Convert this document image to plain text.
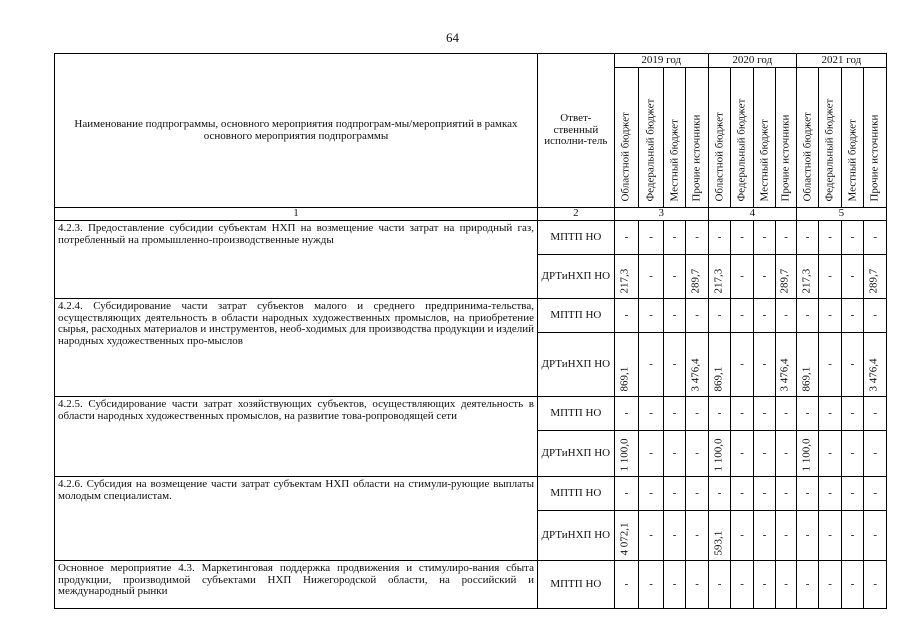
64
Наименование подпрограммы, основного мероприятия подпрограм-мы/мероприятий в рамках основного мероприятия подпрограммы	Ответ-ственный исполни-тель	2019 год				2020 год				2021 год			

		Областной бюджет	Федеральный бюджет	Местный бюджет	Прочие источники	Областной бюджет	Федеральный бюджет	Местный бюджет	Прочие источники	Областной бюджет	Федеральный бюджет	Местный бюджет	Прочие источники

1	2	3				4				5			
4.2.3. Предоставление субсидии субъектам НХП на возмещение части затрат на природный газ, потребленный на промышленно-производственные нужды	МПТП НО	-	-	-	-	-	-	-	-	-	-	-	-
	ДРТиНХП НО	217,3	-	-	289,7	217,3	-	-	289,7	217,3	-	-	289,7

4.2.4. Субсидирование части затрат субъектов малого и среднего предпринима-тельства, осуществляющих деятельность в области народных художественных промыслов, на приобретение сырья, расходных материалов и инструментов, необ-ходимых для производства продукции и изделий народных художественных про-мыслов	МПТП НО	-	-	-	-	-	-	-	-	-	-	-	-
	ДРТиНХП НО	869,1	-	-	3 476,4	869,1	-	-	3 476,4	869,1	-	-	3 476,4

4.2.5. Субсидирование части затрат хозяйствующих субъектов, осуществляющих деятельность в области народных художественных промыслов, на развитие това-ропроводящей сети	МПТП НО	-	-	-	-	-	-	-	-	-	-	-	-
	ДРТиНХП НО	1 100,0	-	-	-	1 100,0	-	-	-	1 100,0	-	-	-
4.2.6. Субсидия на возмещение части затрат субъектам НХП области на стимули-рующие выплаты молодым специалистам.	МПТП НО	-	-	-	-	-	-	-	-	-	-	-	-
	ДРТиНХП НО	4 072,1	-	-	-	593,1	-	-	-	-	-	-	-
Основное мероприятие 4.3. Маркетинговая поддержка продвижения и стимулиро-вания сбыта продукции, производимой субъектами НХП Нижегородской области, на российский и международный рынки	МПТП НО	-	-	-	-	-	-	-	-	-	-	-	-
